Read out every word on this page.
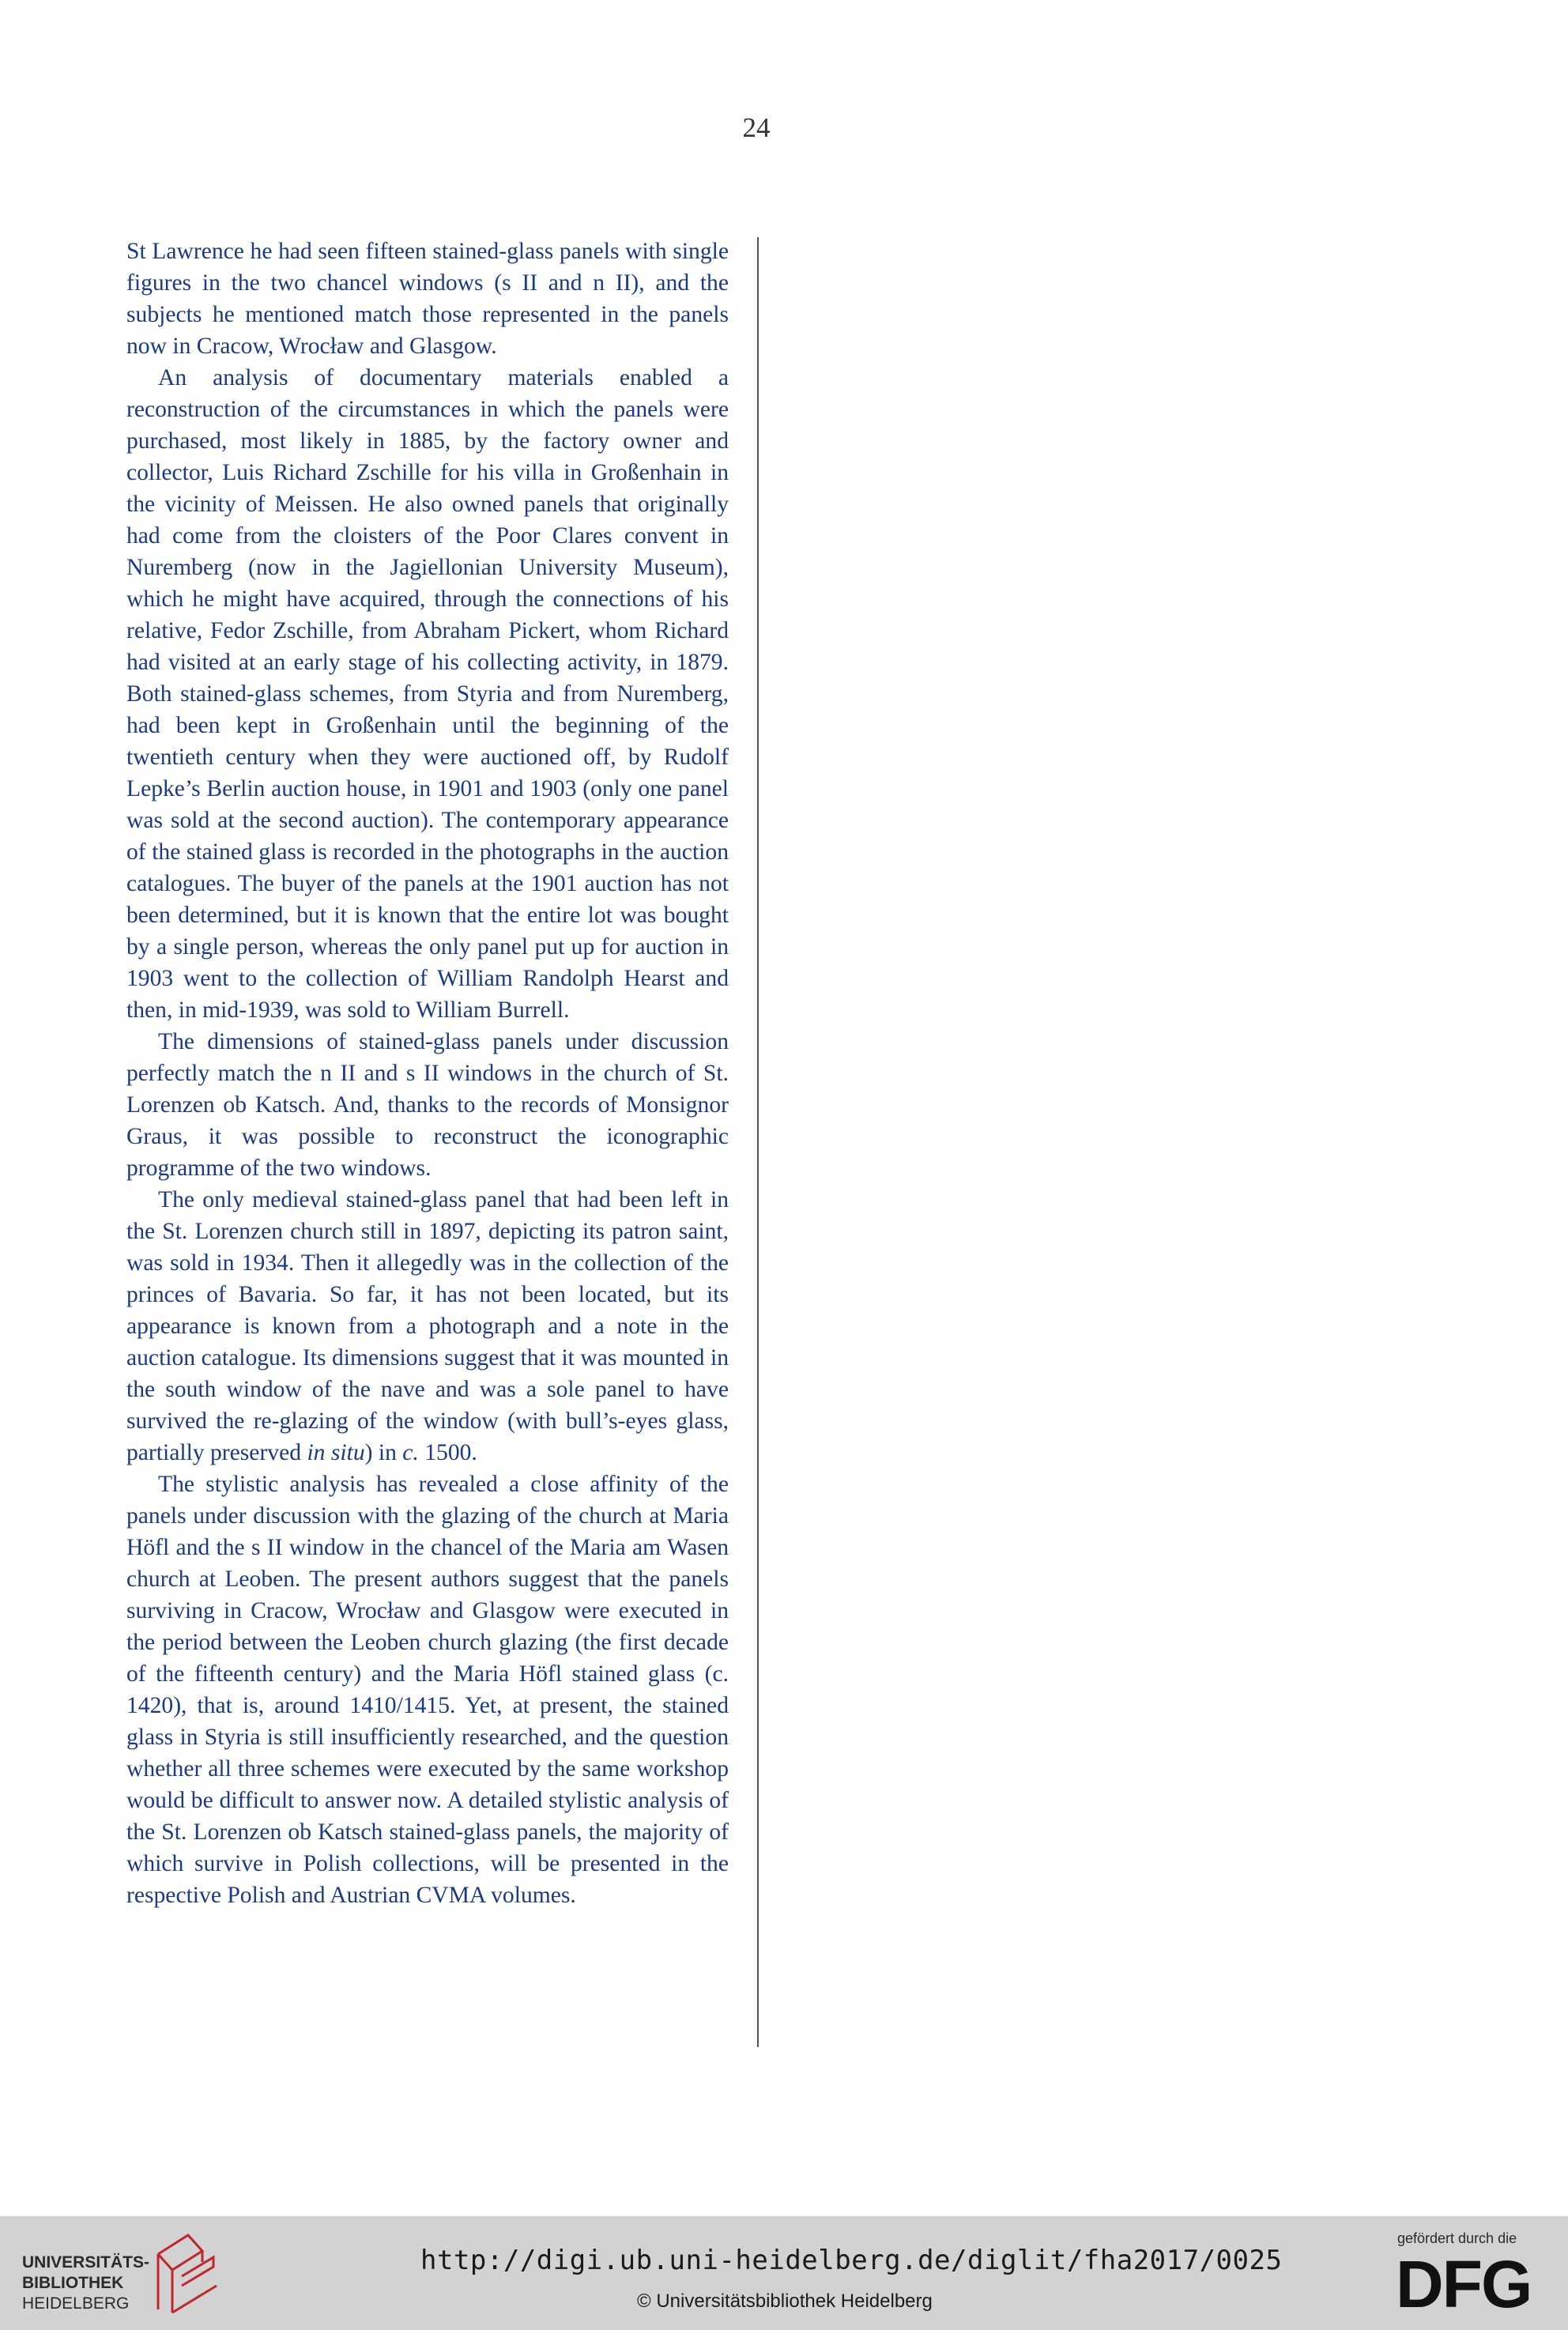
24

St Lawrence he had seen fifteen stained-glass panels with single figures in the two chancel windows (s II and n II), and the subjects he mentioned match those represented in the panels now in Cracow, Wrocław and Glasgow.

An analysis of documentary materials enabled a reconstruction of the circumstances in which the panels were purchased, most likely in 1885, by the factory owner and collector, Luis Richard Zschille for his villa in Großenhain in the vicinity of Meissen. He also owned panels that originally had come from the cloisters of the Poor Clares convent in Nuremberg (now in the Jagiellonian University Museum), which he might have acquired, through the connections of his relative, Fedor Zschille, from Abraham Pickert, whom Richard had visited at an early stage of his collecting activity, in 1879. Both stained-glass schemes, from Styria and from Nuremberg, had been kept in Großenhain until the beginning of the twentieth century when they were auctioned off, by Rudolf Lepke’s Berlin auction house, in 1901 and 1903 (only one panel was sold at the second auction). The contemporary appearance of the stained glass is recorded in the photographs in the auction catalogues. The buyer of the panels at the 1901 auction has not been determined, but it is known that the entire lot was bought by a single person, whereas the only panel put up for auction in 1903 went to the collection of William Randolph Hearst and then, in mid-1939, was sold to William Burrell.

The dimensions of stained-glass panels under discussion perfectly match the n II and s II windows in the church of St. Lorenzen ob Katsch. And, thanks to the records of Monsignor Graus, it was possible to reconstruct the iconographic programme of the two windows.

The only medieval stained-glass panel that had been left in the St. Lorenzen church still in 1897, depicting its patron saint, was sold in 1934. Then it allegedly was in the collection of the princes of Bavaria. So far, it has not been located, but its appearance is known from a photograph and a note in the auction catalogue. Its dimensions suggest that it was mounted in the south window of the nave and was a sole panel to have survived the re-glazing of the window (with bull’s-eyes glass, partially preserved in situ) in c. 1500.

The stylistic analysis has revealed a close affinity of the panels under discussion with the glazing of the church at Maria Höfl and the s II window in the chancel of the Maria am Wasen church at Leoben. The present authors suggest that the panels surviving in Cracow, Wrocław and Glasgow were executed in the period between the Leoben church glazing (the first decade of the fifteenth century) and the Maria Höfl stained glass (c. 1420), that is, around 1410/1415. Yet, at present, the stained glass in Styria is still insufficiently researched, and the question whether all three schemes were executed by the same workshop would be difficult to answer now. A detailed stylistic analysis of the St. Lorenzen ob Katsch stained-glass panels, the majority of which survive in Polish collections, will be presented in the respective Polish and Austrian CVMA volumes.

UNIVERSITÄTS-
BIBLIOTHEK
HEIDELBERG
http://digi.ub.uni-heidelberg.de/diglit/fha2017/0025
© Universitätsbibliothek Heidelberg
gefördert durch die
DFG
